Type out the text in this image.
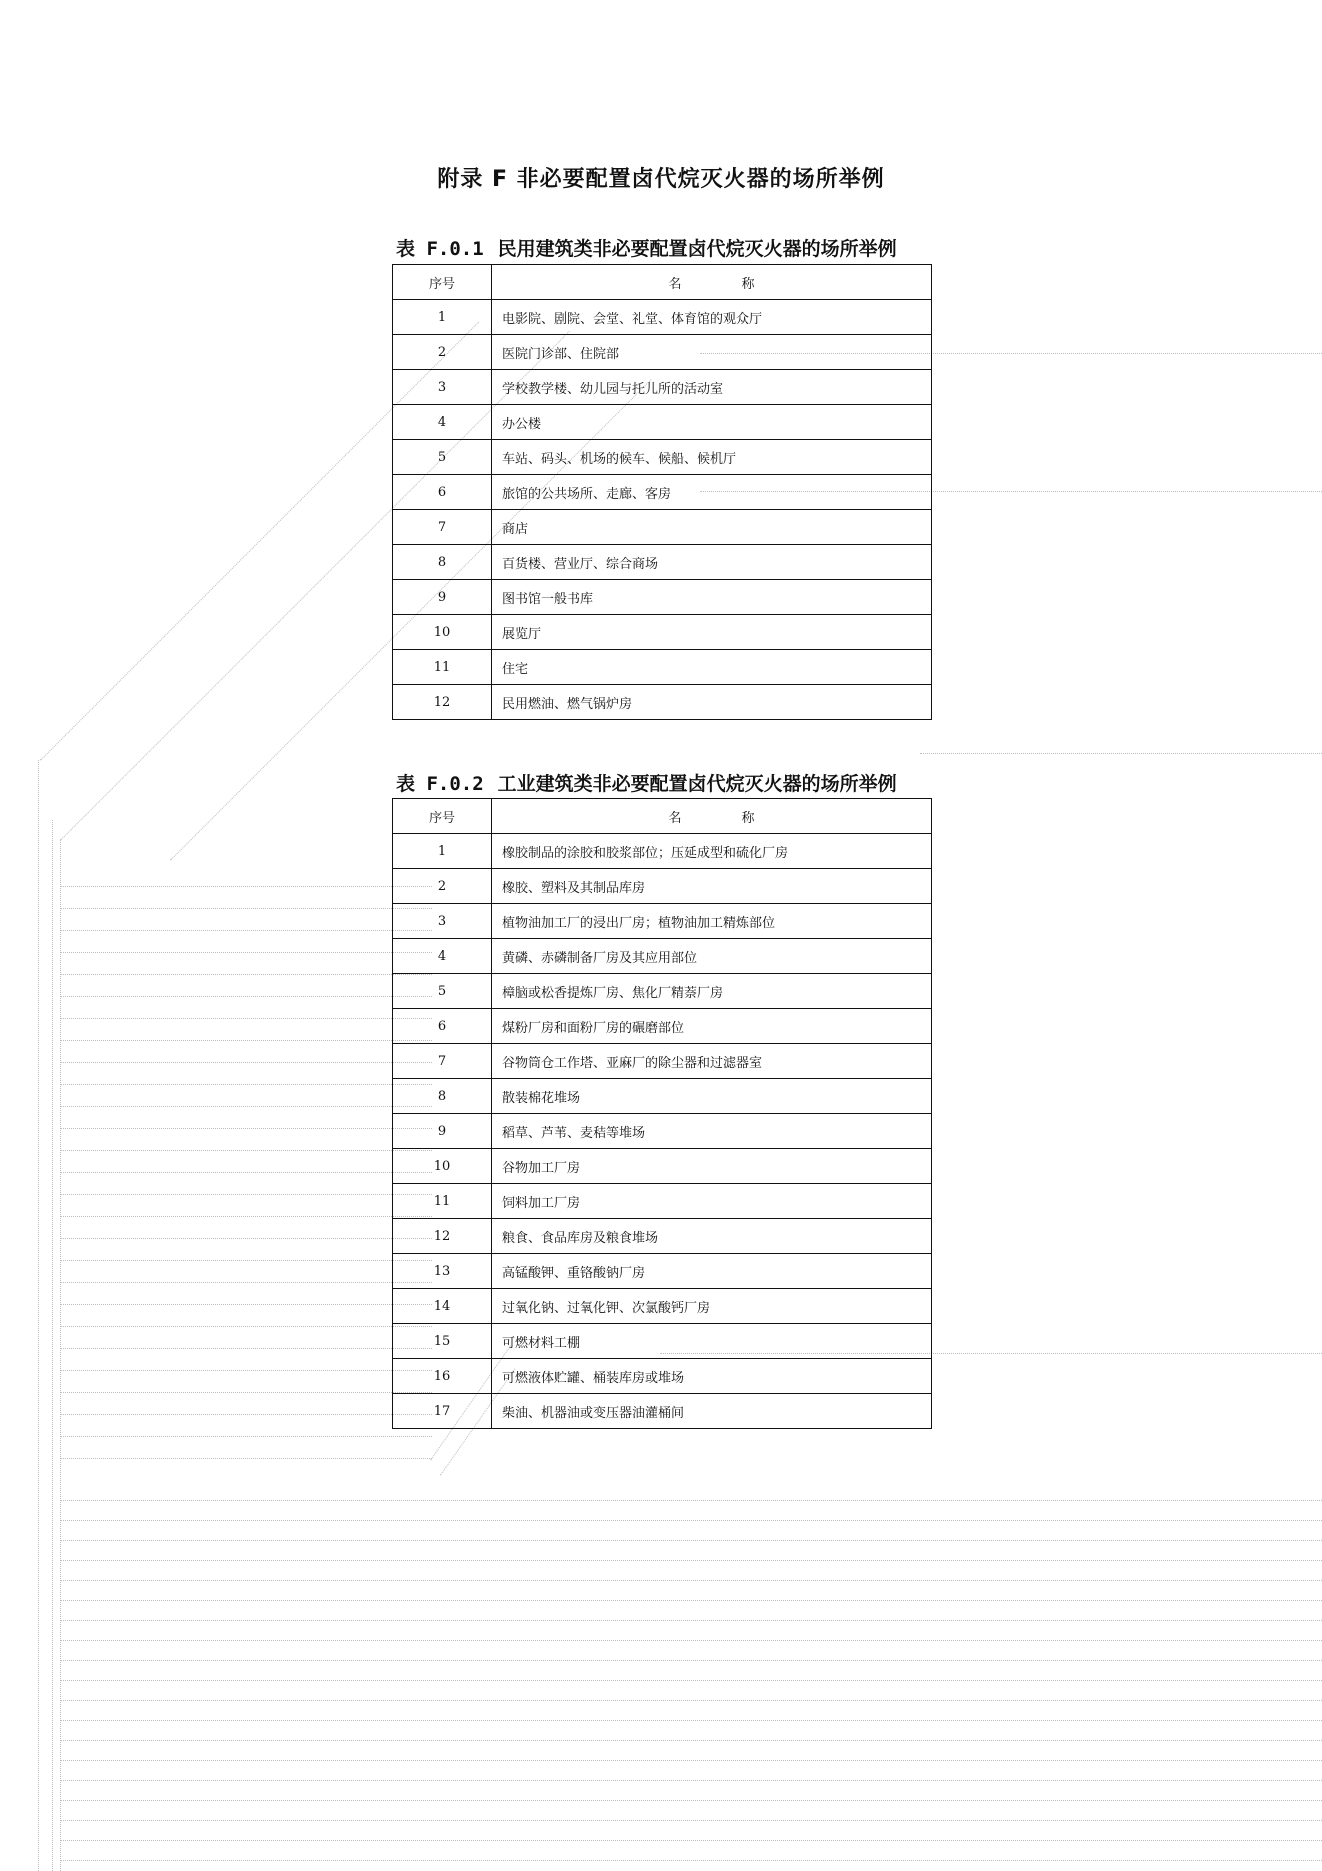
附录 F 非必要配置卤代烷灭火器的场所举例
表 F.0.1 民用建筑类非必要配置卤代烷灭火器的场所举例
序号	名称
1	电影院、剧院、会堂、礼堂、体育馆的观众厅
2	医院门诊部、住院部
3	学校教学楼、幼儿园与托儿所的活动室
4	办公楼
5	车站、码头、机场的候车、候船、候机厅
6	旅馆的公共场所、走廊、客房
7	商店
8	百货楼、营业厅、综合商场
9	图书馆一般书库
10	展览厅
11	住宅
12	民用燃油、燃气锅炉房
表 F.0.2 工业建筑类非必要配置卤代烷灭火器的场所举例
序号	名称
1	橡胶制品的涂胶和胶浆部位；压延成型和硫化厂房
2	橡胶、塑料及其制品库房
3	植物油加工厂的浸出厂房；植物油加工精炼部位
4	黄磷、赤磷制备厂房及其应用部位
5	樟脑或松香提炼厂房、焦化厂精萘厂房
6	煤粉厂房和面粉厂房的碾磨部位
7	谷物筒仓工作塔、亚麻厂的除尘器和过滤器室
8	散装棉花堆场
9	稻草、芦苇、麦秸等堆场
10	谷物加工厂房
11	饲料加工厂房
12	粮食、食品库房及粮食堆场
13	高锰酸钾、重铬酸钠厂房
14	过氧化钠、过氧化钾、次氯酸钙厂房
15	可燃材料工棚
16	可燃液体贮罐、桶装库房或堆场
17	柴油、机器油或变压器油灌桶间
